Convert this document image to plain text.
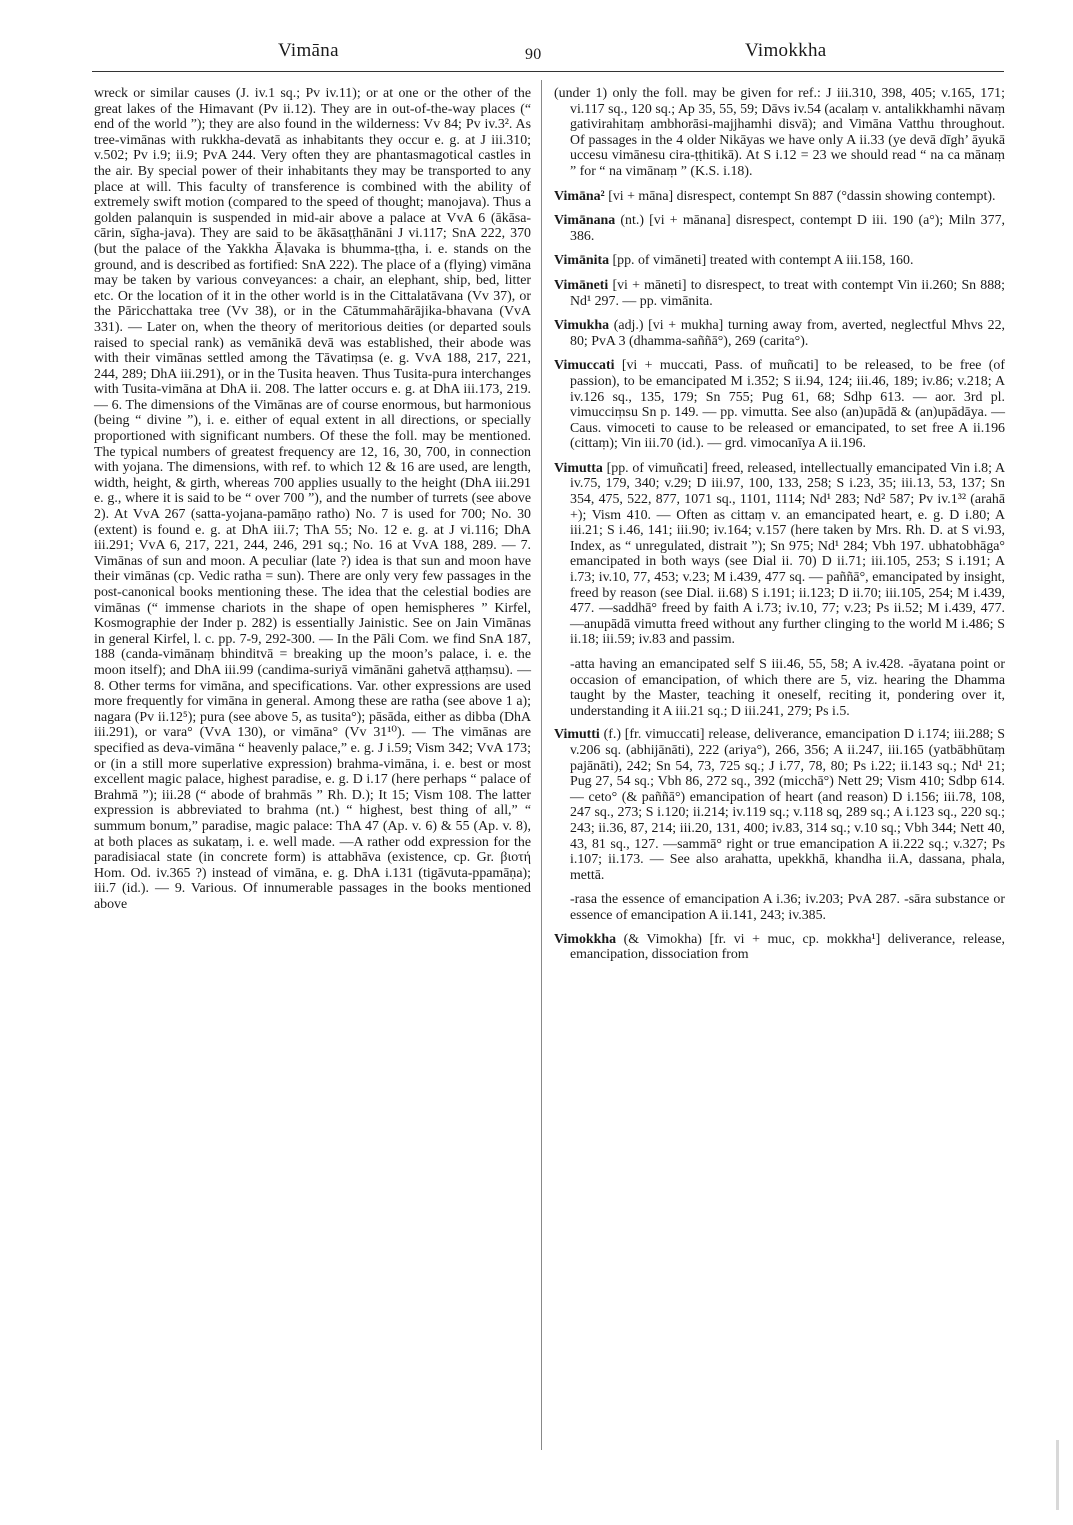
Vimāna	90	Vimokkha

wreck or similar causes (J. iv.1 sq.; Pv iv.11); or at one or the other of the great lakes of the Himavant (Pv ii.12). They are in out-of-the-way places (“ end of the world ”); they are also found in the wilderness: Vv 84; Pv iv.3². As tree-vimānas with rukkha-devatā as inhabitants they occur e. g. at J iii.310; v.502; Pv i.9; ii.9; PvA 244. Very often they are phantasmagotical castles in the air. By special power of their inhabitants they may be transported to any place at will. This faculty of transference is combined with the ability of extremely swift motion (compared to the speed of thought; manojava). Thus a golden palanquin is suspended in mid-air above a palace at VvA 6 (ākāsa-cārin, sīgha-java). They are said to be ākāsaṭṭhānāni J vi.117; SnA 222, 370 (but the palace of the Yakkha Āḷavaka is bhumma-ṭṭha, i. e. stands on the ground, and is described as fortified: SnA 222). The place of a (flying) vimāna may be taken by various conveyances: a chair, an elephant, ship, bed, litter etc. Or the location of it in the other world is in the Cittalatāvana (Vv 37), or the Pāricchattaka tree (Vv 38), or in the Cātummahārājika-bhavana (VvA 331). — Later on, when the theory of meritorious deities (or departed souls raised to special rank) as vemānikā devā was established, their abode was with their vimānas settled among the Tāvatiṃsa (e. g. VvA 188, 217, 221, 244, 289; DhA iii.291), or in the Tusita heaven. Thus Tusita-pura interchanges with Tusita-vimāna at DhA ii. 208. The latter occurs e. g. at DhA iii.173, 219. — 6. The dimensions of the Vimānas are of course enormous, but harmonious (being “ divine ”), i. e. either of equal extent in all directions, or specially proportioned with significant numbers. Of these the foll. may be mentioned. The typical numbers of greatest frequency are 12, 16, 30, 700, in connection with yojana. The dimensions, with ref. to which 12 & 16 are used, are length, width, height, & girth, whereas 700 applies usually to the height (DhA iii.291 e. g., where it is said to be “ over 700 ”), and the number of turrets (see above 2). At VvA 267 (satta-yojana-pamāṇo ratho) No. 7 is used for 700; No. 30 (extent) is found e. g. at DhA iii.7; ThA 55; No. 12 e. g. at J vi.116; DhA iii.291; VvA 6, 217, 221, 244, 246, 291 sq.; No. 16 at VvA 188, 289. — 7. Vimānas of sun and moon. A peculiar (late ?) idea is that sun and moon have their vimānas (cp. Vedic ratha = sun). There are only very few passages in the post-canonical books mentioning these. The idea that the celestial bodies are vimānas (“ immense chariots in the shape of open hemispheres ” Kirfel, Kosmographie der Inder p. 282) is essentially Jainistic. See on Jain Vimānas in general Kirfel, l. c. pp. 7-9, 292-300. — In the Pāli Com. we find SnA 187, 188 (canda-vimānaṃ bhinditvā = breaking up the moon’s palace, i. e. the moon itself); and DhA iii.99 (candima-suriyā vimānāni gahetvā aṭṭhaṃsu). — 8. Other terms for vimāna, and specifications. Var. other expressions are used more frequently for vimāna in general. Among these are ratha (see above 1 a); nagara (Pv ii.12⁵); pura (see above 5, as tusita°); pāsāda, either as dibba (DhA iii.291), or vara° (VvA 130), or vimāna° (Vv 31¹⁰). — The vimānas are specified as deva-vimāna “ heavenly palace,” e. g. J i.59; Vism 342; VvA 173; or (in a still more superlative expression) brahma-vimāna, i. e. best or most excellent magic palace, highest paradise, e. g. D i.17 (here perhaps “ palace of Brahmā ”); iii.28 (“ abode of brahmās ” Rh. D.); It 15; Vism 108. The latter expression is abbreviated to brahma (nt.) “ highest, best thing of all,” “ summum bonum,” paradise, magic palace: ThA 47 (Ap. v. 6) & 55 (Ap. v. 8), at both places as sukataṃ, i. e. well made. —A rather odd expression for the paradisiacal state (in concrete form) is attabhāva (existence, cp. Gr. βιοτή Hom. Od. iv.365 ?) instead of vimāna, e. g. DhA i.131 (tigāvuta-ppamāṇa); iii.7 (id.). — 9. Various. Of innumerable passages in the books mentioned above

(under 1) only the foll. may be given for ref.: J iii.310, 398, 405; v.165, 171; vi.117 sq., 120 sq.; Ap 35, 55, 59; Dāvs iv.54 (acalaṃ v. antalikkhamhi nāvaṃ gativirahitaṃ ambhorāsi-majjhamhi disvā); and Vimāna Vatthu throughout. Of passages in the 4 older Nikāyas we have only A ii.33 (ye devā dīgh’ āyukā uccesu vimānesu cira-ṭṭhitikā). At S i.12 = 23 we should read “ na ca mānaṃ ” for “ na vimānaṃ ” (K.S. i.18).

Vimāna² [vi + māna] disrespect, contempt Sn 887 (°dassin showing contempt).

Vimānana (nt.) [vi + mānana] disrespect, contempt D iii. 190 (a°); Miln 377, 386.

Vimānita [pp. of vimāneti] treated with contempt A iii.158, 160.

Vimāneti [vi + māneti] to disrespect, to treat with contempt Vin ii.260; Sn 888; Nd¹ 297. — pp. vimānita.

Vimukha (adj.) [vi + mukha] turning away from, averted, neglectful Mhvs 22, 80; PvA 3 (dhamma-saññā°), 269 (carita°).

Vimuccati [vi + muccati, Pass. of muñcati] to be released, to be free (of passion), to be emancipated M i.352; S ii.94, 124; iii.46, 189; iv.86; v.218; A iv.126 sq., 135, 179; Sn 755; Pug 61, 68; Sdhp 613. — aor. 3rd pl. vimucciṃsu Sn p. 149. — pp. vimutta. See also (an)upādā & (an)upādāya. — Caus. vimoceti to cause to be released or emancipated, to set free A ii.196 (cittaṃ); Vin iii.70 (id.). — grd. vimocanīya A ii.196.

Vimutta [pp. of vimuñcati] freed, released, intellectually emancipated Vin i.8; A iv.75, 179, 340; v.29; D iii.97, 100, 133, 258; S i.23, 35; iii.13, 53, 137; Sn 354, 475, 522, 877, 1071 sq., 1101, 1114; Nd¹ 283; Nd² 587; Pv iv.1³² (arahā +); Vism 410. — Often as cittaṃ v. an emancipated heart, e. g. D i.80; A iii.21; S i.46, 141; iii.90; iv.164; v.157 (here taken by Mrs. Rh. D. at S vi.93, Index, as “ unregulated, distrait ”); Sn 975; Nd¹ 284; Vbh 197. ubhatobhāga° emancipated in both ways (see Dial ii. 70) D ii.71; iii.105, 253; S i.191; A i.73; iv.10, 77, 453; v.23; M i.439, 477 sq. — paññā°, emancipated by insight, freed by reason (see Dial. ii.68) S i.191; ii.123; D ii.70; iii.105, 254; M i.439, 477. —saddhā° freed by faith A i.73; iv.10, 77; v.23; Ps ii.52; M i.439, 477. —anupādā vimutta freed without any further clinging to the world M i.486; S ii.18; iii.59; iv.83 and passim.

-atta having an emancipated self S iii.46, 55, 58; A iv.428. -āyatana point or occasion of emancipation, of which there are 5, viz. hearing the Dhamma taught by the Master, teaching it oneself, reciting it, pondering over it, understanding it A iii.21 sq.; D iii.241, 279; Ps i.5.

Vimutti (f.) [fr. vimuccati] release, deliverance, emancipation D i.174; iii.288; S v.206 sq. (abhijānāti), 222 (ariya°), 266, 356; A ii.247, iii.165 (yatbābhūtaṃ pajānāti), 242; Sn 54, 73, 725 sq.; J i.77, 78, 80; Ps i.22; ii.143 sq.; Nd¹ 21; Pug 27, 54 sq.; Vbh 86, 272 sq., 392 (micchā°) Nett 29; Vism 410; Sdbp 614. — ceto° (& paññā°) emancipation of heart (and reason) D i.156; iii.78, 108, 247 sq., 273; S i.120; ii.214; iv.119 sq.; v.118 sq, 289 sq.; A i.123 sq., 220 sq.; 243; ii.36, 87, 214; iii.20, 131, 400; iv.83, 314 sq.; v.10 sq.; Vbh 344; Nett 40, 43, 81 sq., 127. —sammā° right or true emancipation A ii.222 sq.; v.327; Ps i.107; ii.173. — See also arahatta, upekkhā, khandha ii.A, dassana, phala, mettā.

-rasa the essence of emancipation A i.36; iv.203; PvA 287. -sāra substance or essence of emancipation A ii.141, 243; iv.385.

Vimokkha (& Vimokha) [fr. vi + muc, cp. mokkha¹] deliverance, release, emancipation, dissociation from
